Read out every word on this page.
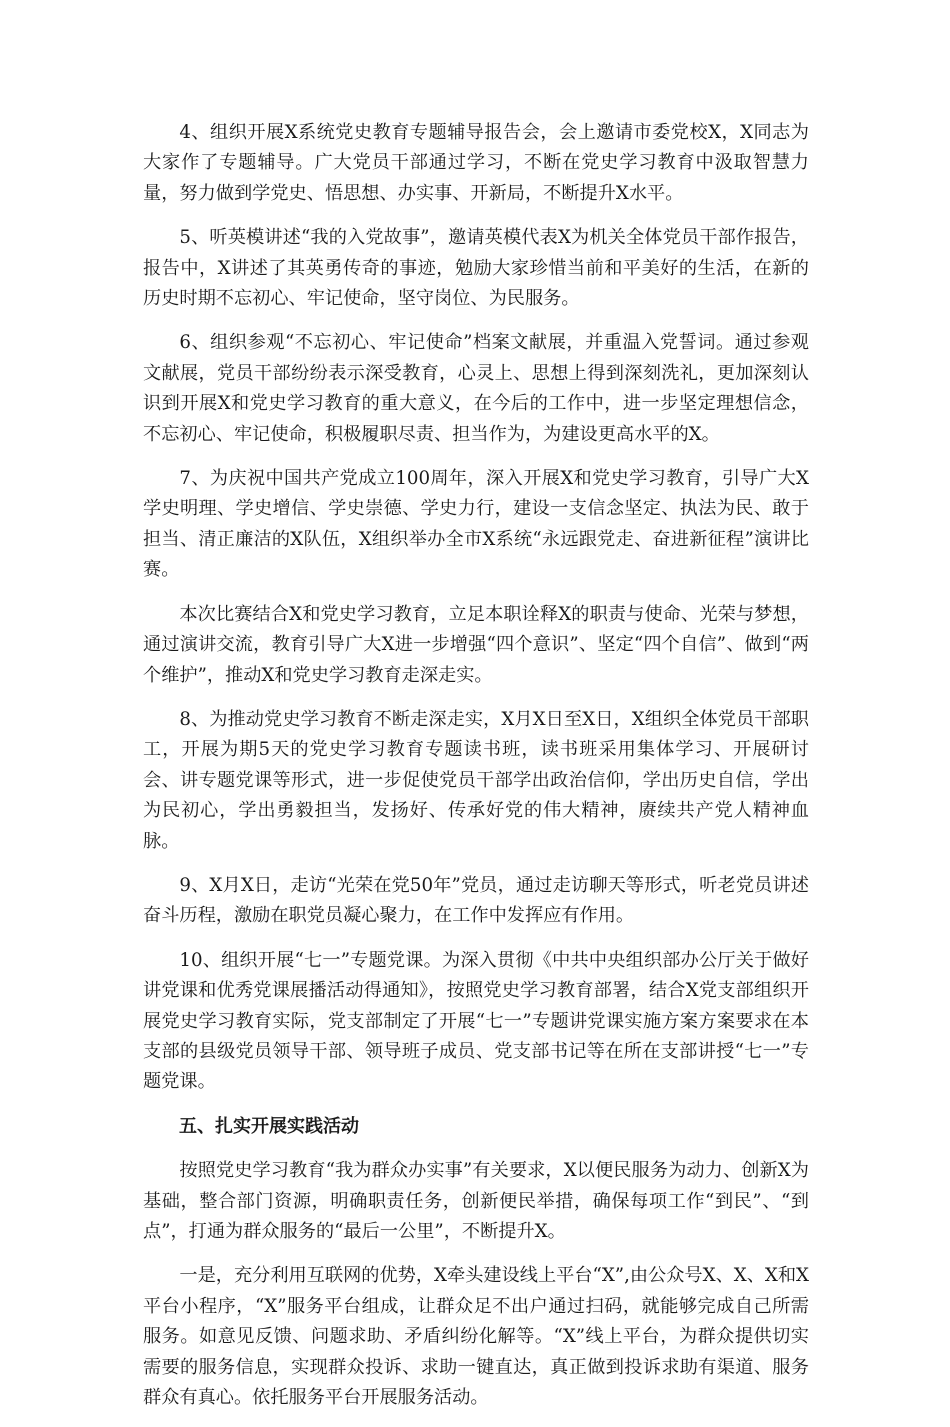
4、组织开展X系统党史教育专题辅导报告会，会上邀请市委党校X，X同志为大家作了专题辅导。广大党员干部通过学习，不断在党史学习教育中汲取智慧力量，努力做到学党史、悟思想、办实事、开新局，不断提升X水平。

5、听英模讲述“我的入党故事”，邀请英模代表X为机关全体党员干部作报告，报告中，X讲述了其英勇传奇的事迹，勉励大家珍惜当前和平美好的生活，在新的历史时期不忘初心、牢记使命，坚守岗位、为民服务。

6、组织参观“不忘初心、牢记使命”档案文献展，并重温入党誓词。通过参观文献展，党员干部纷纷表示深受教育，心灵上、思想上得到深刻洗礼，更加深刻认识到开展X和党史学习教育的重大意义，在今后的工作中，进一步坚定理想信念，不忘初心、牢记使命，积极履职尽责、担当作为，为建设更高水平的X。

7、为庆祝中国共产党成立100周年，深入开展X和党史学习教育，引导广大X学史明理、学史增信、学史崇德、学史力行，建设一支信念坚定、执法为民、敢于担当、清正廉洁的X队伍，X组织举办全市X系统“永远跟党走、奋进新征程”演讲比赛。

本次比赛结合X和党史学习教育，立足本职诠释X的职责与使命、光荣与梦想，通过演讲交流，教育引导广大X进一步增强“四个意识”、坚定“四个自信”、做到“两个维护”，推动X和党史学习教育走深走实。

8、为推动党史学习教育不断走深走实，X月X日至X日，X组织全体党员干部职工，开展为期5天的党史学习教育专题读书班，读书班采用集体学习、开展研讨会、讲专题党课等形式，进一步促使党员干部学出政治信仰，学出历史自信，学出为民初心，学出勇毅担当，发扬好、传承好党的伟大精神，赓续共产党人精神血脉。

9、X月X日，走访“光荣在党50年”党员，通过走访聊天等形式，听老党员讲述奋斗历程，激励在职党员凝心聚力，在工作中发挥应有作用。

10、组织开展“七一”专题党课。为深入贯彻《中共中央组织部办公厅关于做好讲党课和优秀党课展播活动得通知》，按照党史学习教育部署，结合X党支部组织开展党史学习教育实际，党支部制定了开展“七一”专题讲党课实施方案方案要求在本支部的县级党员领导干部、领导班子成员、党支部书记等在所在支部讲授“七一”专题党课。

五、扎实开展实践活动

按照党史学习教育“我为群众办实事”有关要求，X以便民服务为动力、创新X为基础，整合部门资源，明确职责任务，创新便民举措，确保每项工作“到民”、“到点”，打通为群众服务的“最后一公里”，不断提升X。

一是，充分利用互联网的优势，X牵头建设线上平台“X”,由公众号X、X、X和X平台小程序，“X”服务平台组成，让群众足不出户通过扫码，就能够完成自己所需服务。如意见反馈、问题求助、矛盾纠纷化解等。“X”线上平台，为群众提供切实需要的服务信息，实现群众投诉、求助一键直达，真正做到投诉求助有渠道、服务群众有真心。依托服务平台开展服务活动。
